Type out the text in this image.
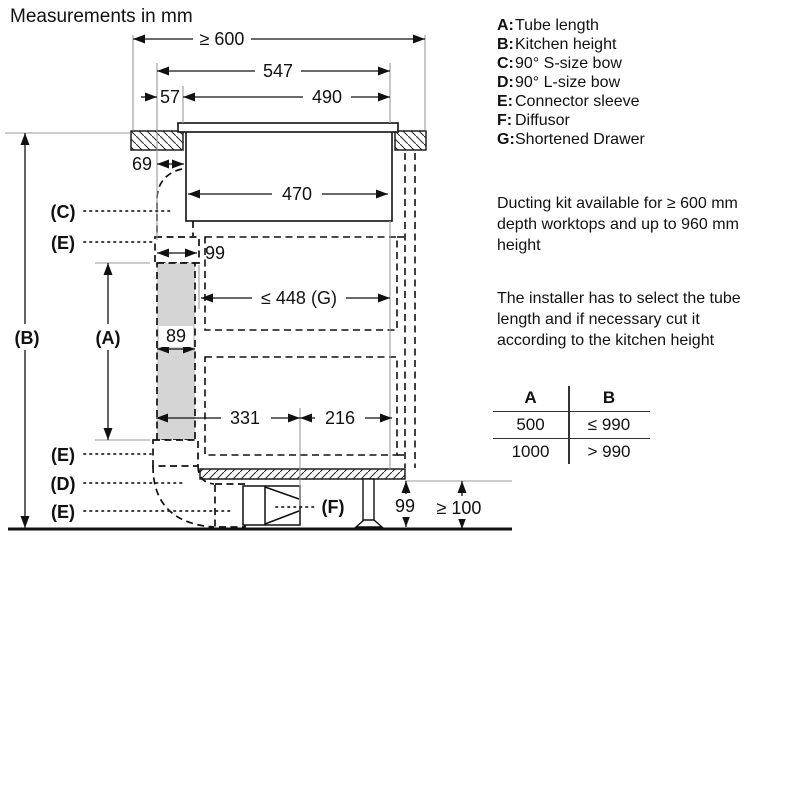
Measurements in mm
≥ 600
547
57	490
69
470
99
≤ 448 (G)
89
331	216
99 ≥ 100
(B)	(A)
(C)
(E)
(E)
(D)
(E)	(F)
A: Tube length
B: Kitchen height
C: 90° S-size bow
D: 90° L-size bow
E: Connector sleeve
F: Diffusor
G: Shortened Drawer
Ducting kit available for ≥ 600 mm depth worktops and up to 960 mm height
The installer has to select the tube length and if necessary cut it according to the kitchen height
A	B
500	≤ 990
1000	> 990
